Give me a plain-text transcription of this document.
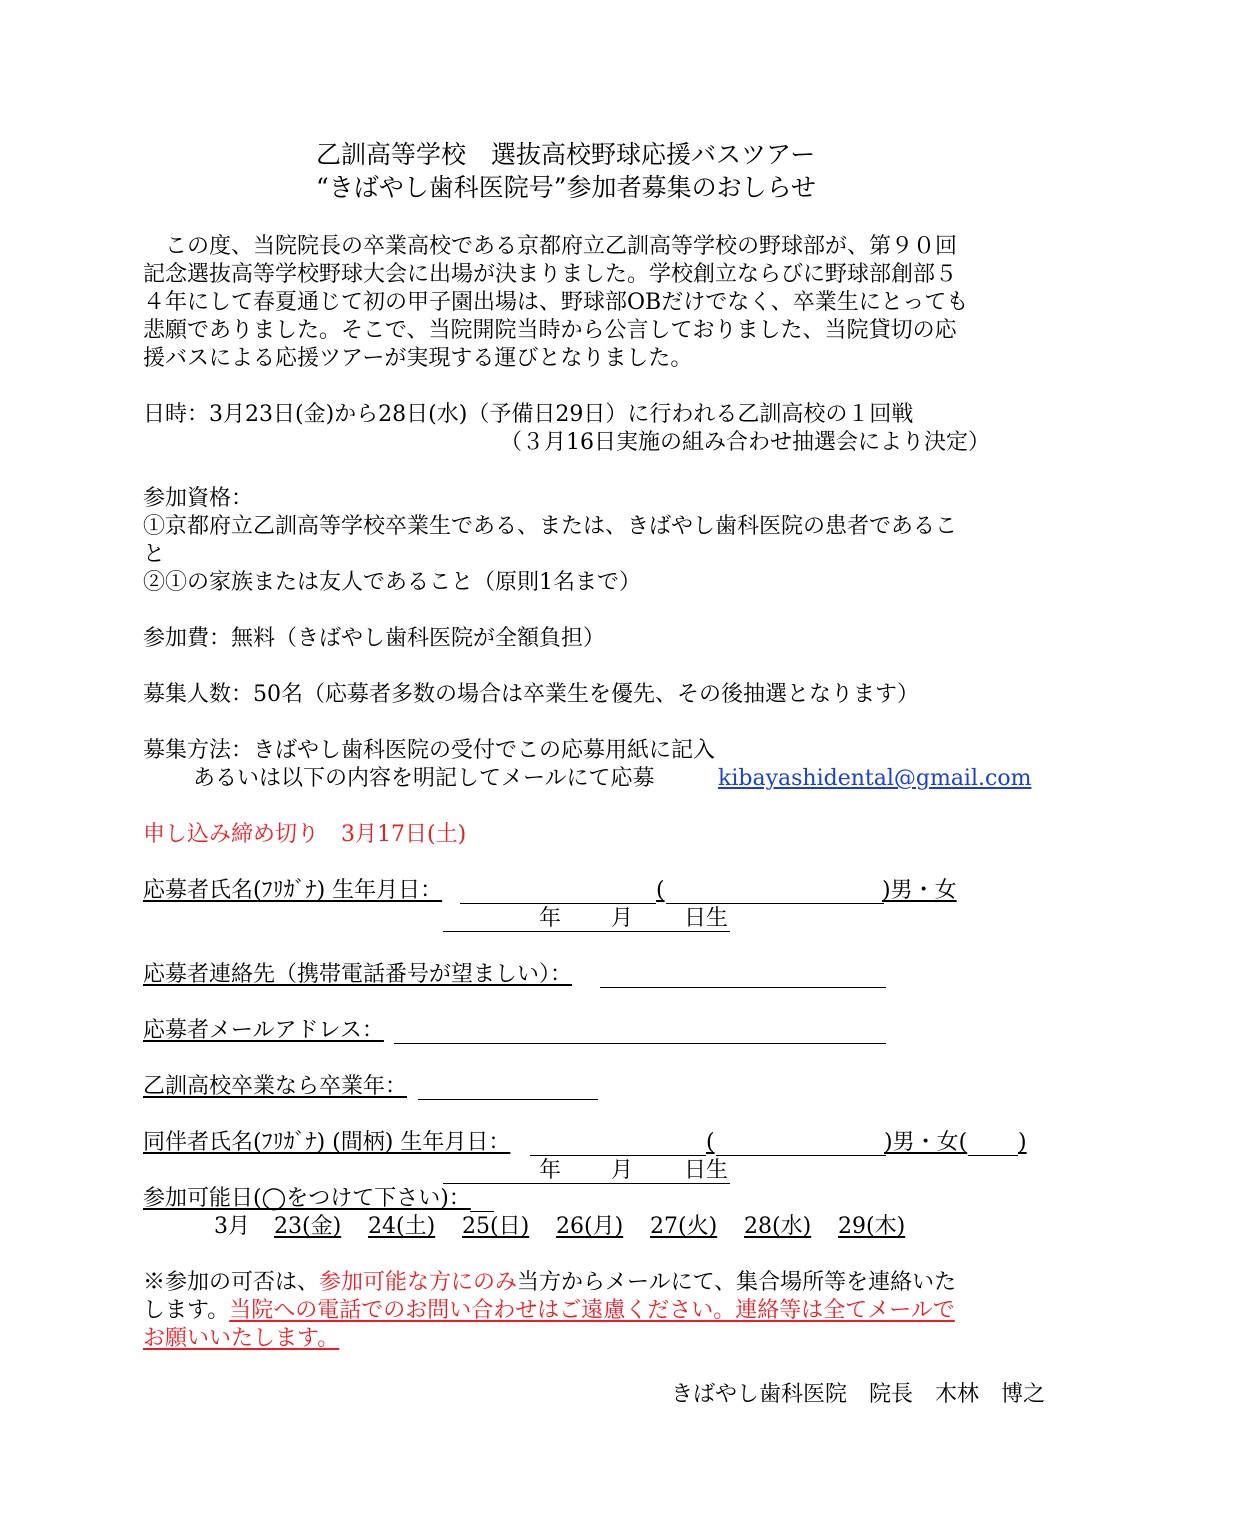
乙訓高等学校　選抜高校野球応援バスツアー
“きばやし歯科医院号”参加者募集のおしらせ
　この度、当院院長の卒業高校である京都府立乙訓高等学校の野球部が、第９０回
記念選抜高等学校野球大会に出場が決まりました。学校創立ならびに野球部創部５
４年にして春夏通じて初の甲子園出場は、野球部OBだけでなく、卒業生にとっても
悲願でありました。そこで、当院開院当時から公言しておりました、当院貸切の応
援バスによる応援ツアーが実現する運びとなりました。
日時：3月23日(金)から28日(水)（予備日29日）に行われる乙訓高校の１回戦
（３月16日実施の組み合わせ抽選会により決定）
参加資格：
①京都府立乙訓高等学校卒業生である、または、きばやし歯科医院の患者であるこ
と
②①の家族または友人であること（原則1名まで）
参加費：無料（きばやし歯科医院が全額負担）
募集人数：50名（応募者多数の場合は卒業生を優先、その後抽選となります）
募集方法：きばやし歯科医院の受付でこの応募用紙に記入
あるいは以下の内容を明記してメールにて応募	kibayashidental@gmail.com
申し込み締め切り　3月17日(土)
応募者氏名(ﾌﾘｶﾞﾅ) 生年月日：	(	)男・女
年 月 日生
応募者連絡先（携帯電話番号が望ましい）：
応募者メールアドレス：
乙訓高校卒業なら卒業年：
同伴者氏名(ﾌﾘｶﾞﾅ) (間柄) 生年月日：	(	)男・女( )
年 月 日生
参加可能日(◯をつけて下さい)：
3月 23(金) 24(土) 25(日) 26(月) 27(火) 28(水) 29(木)
※参加の可否は、参加可能な方にのみ当方からメールにて、集合場所等を連絡いた
します。当院への電話でのお問い合わせはご遠慮ください。連絡等は全てメールで
お願いいたします。
きばやし歯科医院　院長　木林　博之
